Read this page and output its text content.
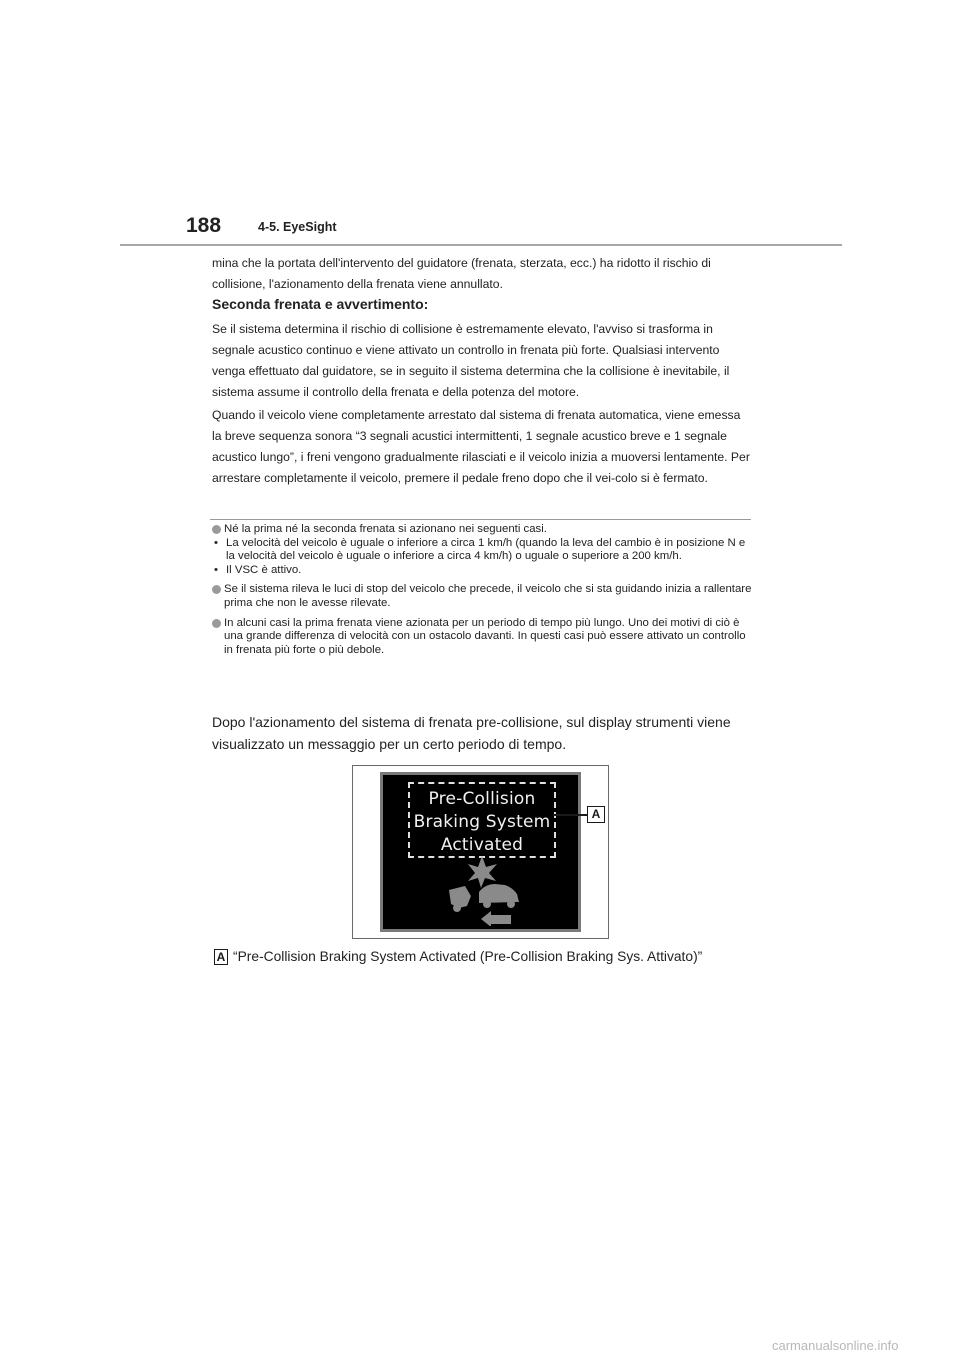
188	4-5. EyeSight

mina che la portata dell'intervento del guidatore (frenata, sterzata, ecc.) ha ridotto il rischio di collisione, l'azionamento della frenata viene annullato.

Seconda frenata e avvertimento:

Se il sistema determina il rischio di collisione è estremamente elevato, l'avviso si trasforma in segnale acustico continuo e viene attivato un controllo in frenata più forte. Qualsiasi intervento venga effettuato dal guidatore, se in seguito il sistema determina che la collisione è inevitabile, il sistema assume il controllo della frenata e della potenza del motore.

Quando il veicolo viene completamente arrestato dal sistema di frenata automatica, viene emessa la breve sequenza sonora “3 segnali acustici intermittenti, 1 segnale acustico breve e 1 segnale acustico lungo”, i freni vengono gradualmente rilasciati e il veicolo inizia a muoversi lentamente. Per arrestare completamente il veicolo, premere il pedale freno dopo che il vei-colo si è fermato.

Né la prima né la seconda frenata si azionano nei seguenti casi.
• La velocità del veicolo è uguale o inferiore a circa 1 km/h (quando la leva del cambio è in posizione N e la velocità del veicolo è uguale o inferiore a circa 4 km/h) o uguale o superiore a 200 km/h.
• Il VSC è attivo.
Se il sistema rileva le luci di stop del veicolo che precede, il veicolo che si sta guidando inizia a rallentare prima che non le avesse rilevate.
In alcuni casi la prima frenata viene azionata per un periodo di tempo più lungo. Uno dei motivi di ciò è una grande differenza di velocità con un ostacolo davanti. In questi casi può essere attivato un controllo in frenata più forte o più debole.

Dopo l'azionamento del sistema di frenata pre-collisione, sul display strumenti viene visualizzato un messaggio per un certo periodo di tempo.

Pre-Collision
Braking System
Activated
A
A “Pre-Collision Braking System Activated (Pre-Collision Braking Sys. Attivato)”
carmanualsonline.info
